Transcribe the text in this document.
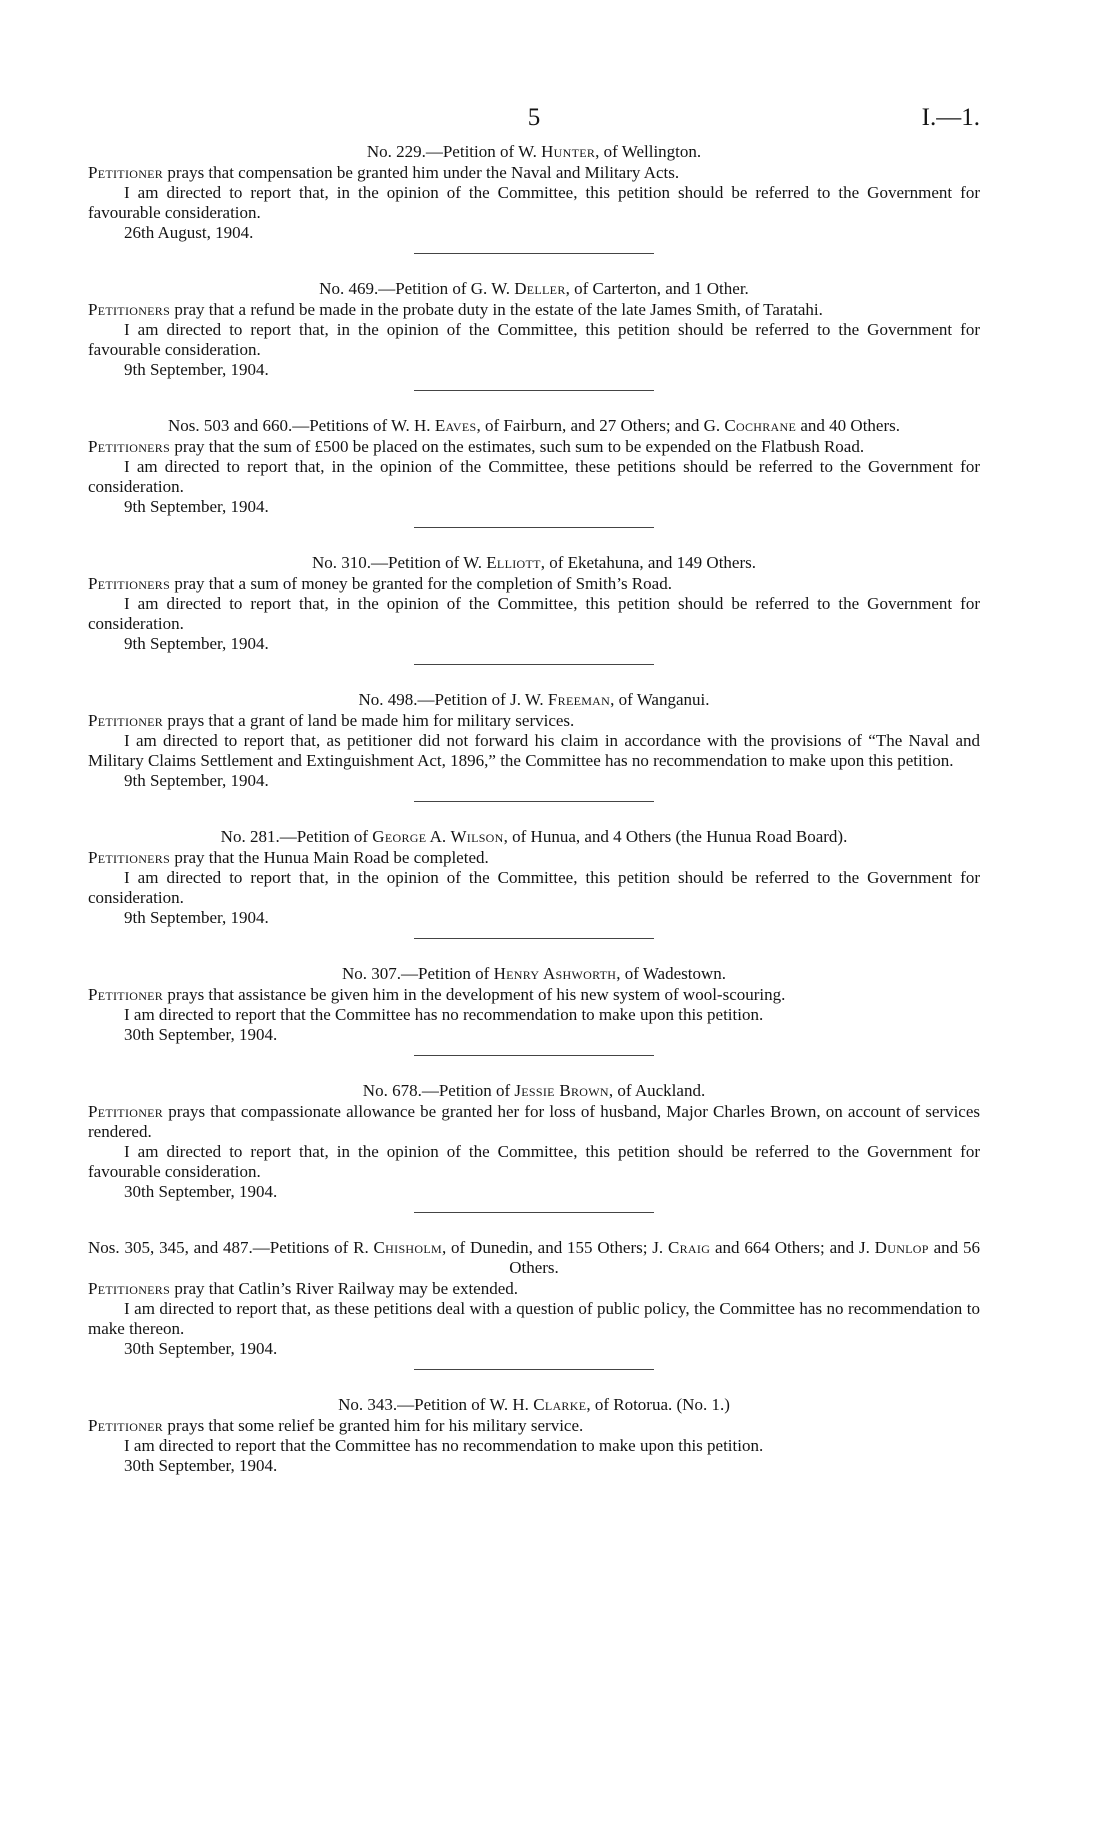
5	I.—1.

No. 229.—Petition of W. Hunter, of Wellington.

Petitioner prays that compensation be granted him under the Naval and Military Acts.

I am directed to report that, in the opinion of the Committee, this petition should be referred to the Government for favourable consideration.

26th August, 1904.

No. 469.—Petition of G. W. Deller, of Carterton, and 1 Other.

Petitioners pray that a refund be made in the probate duty in the estate of the late James Smith, of Taratahi.

I am directed to report that, in the opinion of the Committee, this petition should be referred to the Government for favourable consideration.

9th September, 1904.

Nos. 503 and 660.—Petitions of W. H. Eaves, of Fairburn, and 27 Others; and G. Cochrane and 40 Others.

Petitioners pray that the sum of £500 be placed on the estimates, such sum to be expended on the Flatbush Road.

I am directed to report that, in the opinion of the Committee, these petitions should be referred to the Government for consideration.

9th September, 1904.

No. 310.—Petition of W. Elliott, of Eketahuna, and 149 Others.

Petitioners pray that a sum of money be granted for the completion of Smith’s Road.

I am directed to report that, in the opinion of the Committee, this petition should be referred to the Government for consideration.

9th September, 1904.

No. 498.—Petition of J. W. Freeman, of Wanganui.

Petitioner prays that a grant of land be made him for military services.

I am directed to report that, as petitioner did not forward his claim in accordance with the provisions of “The Naval and Military Claims Settlement and Extinguishment Act, 1896,” the Committee has no recommendation to make upon this petition.

9th September, 1904.

No. 281.—Petition of George A. Wilson, of Hunua, and 4 Others (the Hunua Road Board).

Petitioners pray that the Hunua Main Road be completed.

I am directed to report that, in the opinion of the Committee, this petition should be referred to the Government for consideration.

9th September, 1904.

No. 307.—Petition of Henry Ashworth, of Wadestown.

Petitioner prays that assistance be given him in the development of his new system of wool-scouring.

I am directed to report that the Committee has no recommendation to make upon this petition.

30th September, 1904.

No. 678.—Petition of Jessie Brown, of Auckland.

Petitioner prays that compassionate allowance be granted her for loss of husband, Major Charles Brown, on account of services rendered.

I am directed to report that, in the opinion of the Committee, this petition should be referred to the Government for favourable consideration.

30th September, 1904.

Nos. 305, 345, and 487.—Petitions of R. Chisholm, of Dunedin, and 155 Others; J. Craig and 664 Others; and J. Dunlop and 56 Others.

Petitioners pray that Catlin’s River Railway may be extended.

I am directed to report that, as these petitions deal with a question of public policy, the Committee has no recommendation to make thereon.

30th September, 1904.

No. 343.—Petition of W. H. Clarke, of Rotorua. (No. 1.)

Petitioner prays that some relief be granted him for his military service.

I am directed to report that the Committee has no recommendation to make upon this petition.

30th September, 1904.
